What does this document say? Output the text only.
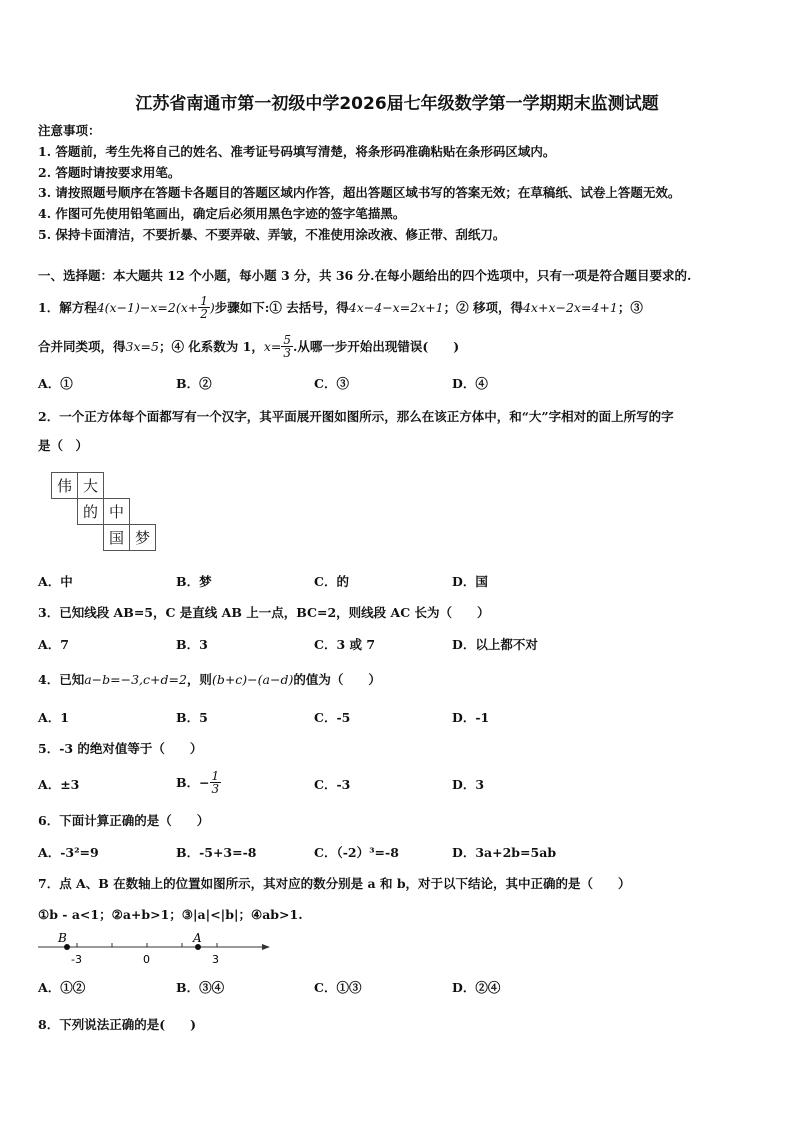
江苏省南通市第一初级中学2026届七年级数学第一学期期末监测试题
注意事项：
1. 答题前，考生先将自己的姓名、准考证号码填写清楚，将条形码准确粘贴在条形码区域内。
2. 答题时请按要求用笔。
3. 请按照题号顺序在答题卡各题目的答题区域内作答，超出答题区域书写的答案无效；在草稿纸、试卷上答题无效。
4. 作图可先使用铅笔画出，确定后必须用黑色字迹的签字笔描黑。
5. 保持卡面清洁，不要折暴、不要弄破、弄皱，不准使用涂改液、修正带、刮纸刀。
一、选择题：本大题共 12 个小题，每小题 3 分，共 36 分.在每小题给出的四个选项中，只有一项是符合题目要求的.
1．解方程 $4(x-1)-x=2(x+ \frac{1}{2}$ ) 步骤如下: ① 去括号，得 4x−4−x=2x+1 ；② 移项，得 4x+x−2x=4+1 ；③
合并同类项，得 3x=5 ；④ 化系数为 1， $x= \frac{5}{3}$ .从哪一步开始出现错误(　　)
A．①	B．②	C．③	D．④
2．一个正方体每个面都写有一个汉字，其平面展开图如图所示，那么在该正方体中，和“大”字相对的面上所写的字
是（　）
伟 大
的 中
国 梦
A．中	B．梦	C．的	D．国
3．已知线段 AB=5，C 是直线 AB 上一点，BC=2，则线段 AC 长为（　　）
A．7	B．3	C．3 或 7	D．以上都不对
4．已知a−b=−3,c+d=2，则(b+c)−(a−d)的值为（　　）
A．1	B．5	C．-5	D．-1
5．-3 的绝对值等于（　　）
A．±3	B．− $\frac{1}{3}$	C．-3	D．3
6．下面计算正确的是（　　）
A．-3²=9	B．-5+3=-8	C．（-2）³=-8	D．3a+2b=5ab
7．点 A、B 在数轴上的位置如图所示，其对应的数分别是 a 和 b，对于以下结论，其中正确的是（　　）
①b - a<1；②a+b>1；③|a|<|b|；④ab>1.
B	A
-3	0	3
A．①②	B．③④	C．①③	D．②④
8．下列说法正确的是(　　)
